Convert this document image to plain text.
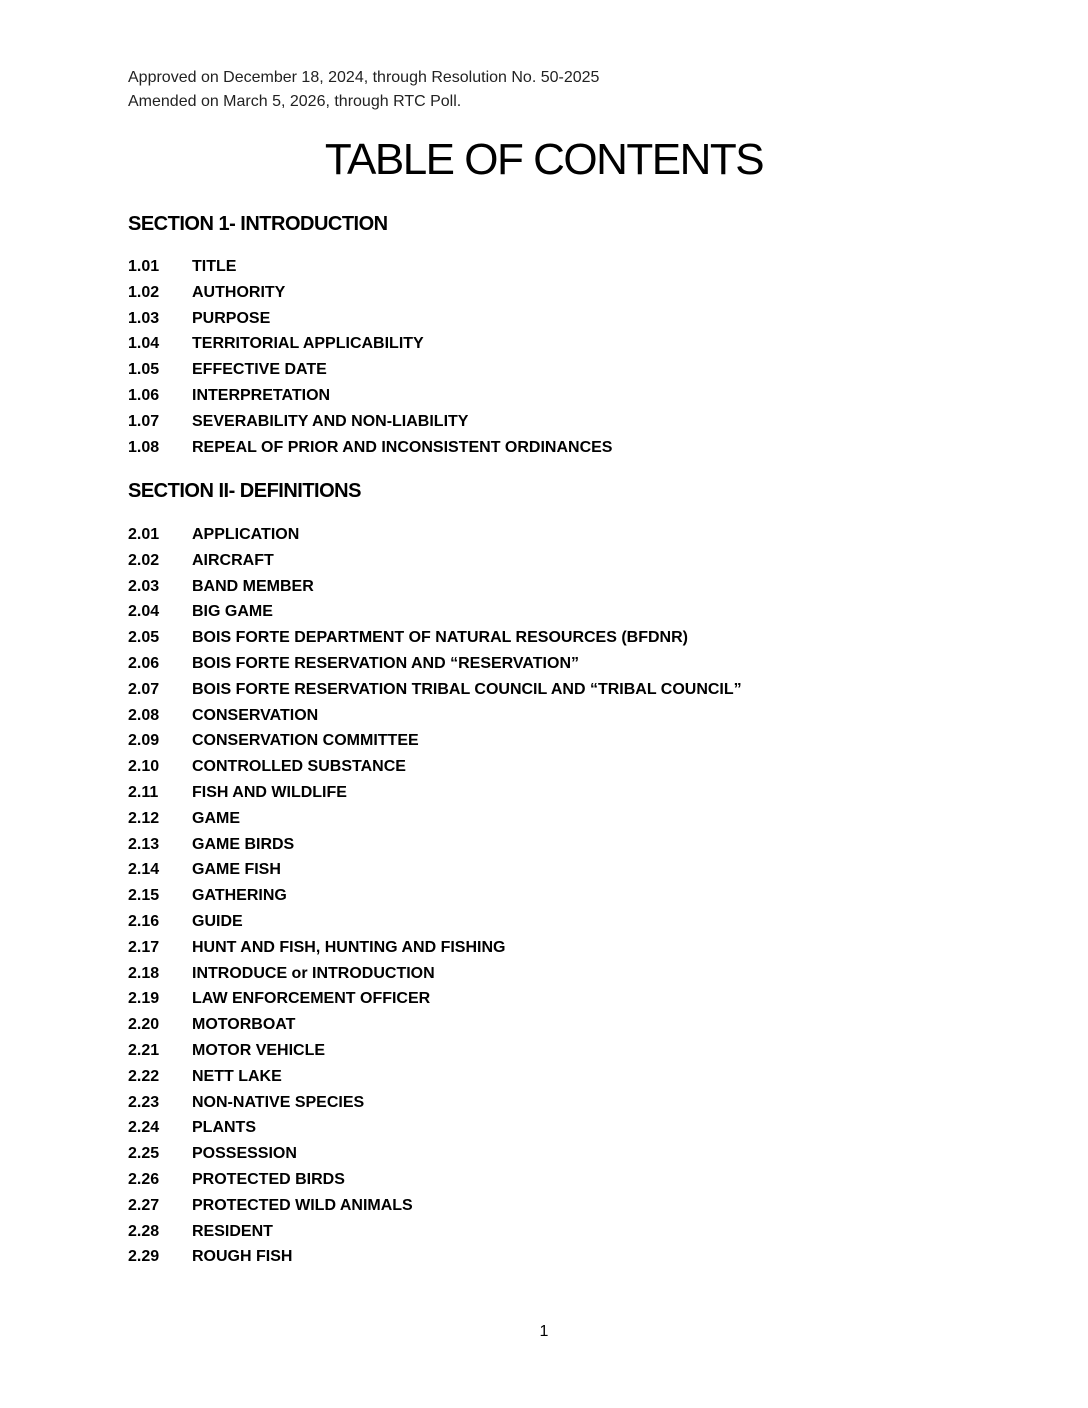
Approved on December 18, 2024, through Resolution No. 50-2025
Amended on March 5, 2026, through RTC Poll.
TABLE OF CONTENTS
SECTION 1- INTRODUCTION
1.01	TITLE
1.02	AUTHORITY
1.03	PURPOSE
1.04	TERRITORIAL APPLICABILITY
1.05	EFFECTIVE DATE
1.06	INTERPRETATION
1.07	SEVERABILITY AND NON-LIABILITY
1.08	REPEAL OF PRIOR AND INCONSISTENT ORDINANCES
SECTION II- DEFINITIONS
2.01	APPLICATION
2.02	AIRCRAFT
2.03	BAND MEMBER
2.04	BIG GAME
2.05	BOIS FORTE DEPARTMENT OF NATURAL RESOURCES (BFDNR)
2.06	BOIS FORTE RESERVATION AND “RESERVATION”
2.07	BOIS FORTE RESERVATION TRIBAL COUNCIL AND “TRIBAL COUNCIL”
2.08	CONSERVATION
2.09	CONSERVATION COMMITTEE
2.10	CONTROLLED SUBSTANCE
2.11	FISH AND WILDLIFE
2.12	GAME
2.13	GAME BIRDS
2.14	GAME FISH
2.15	GATHERING
2.16	GUIDE
2.17	HUNT AND FISH, HUNTING AND FISHING
2.18	INTRODUCE or INTRODUCTION
2.19	LAW ENFORCEMENT OFFICER
2.20	MOTORBOAT
2.21	MOTOR VEHICLE
2.22	NETT LAKE
2.23	NON-NATIVE SPECIES
2.24	PLANTS
2.25	POSSESSION
2.26	PROTECTED BIRDS
2.27	PROTECTED WILD ANIMALS
2.28	RESIDENT
2.29	ROUGH FISH
1
